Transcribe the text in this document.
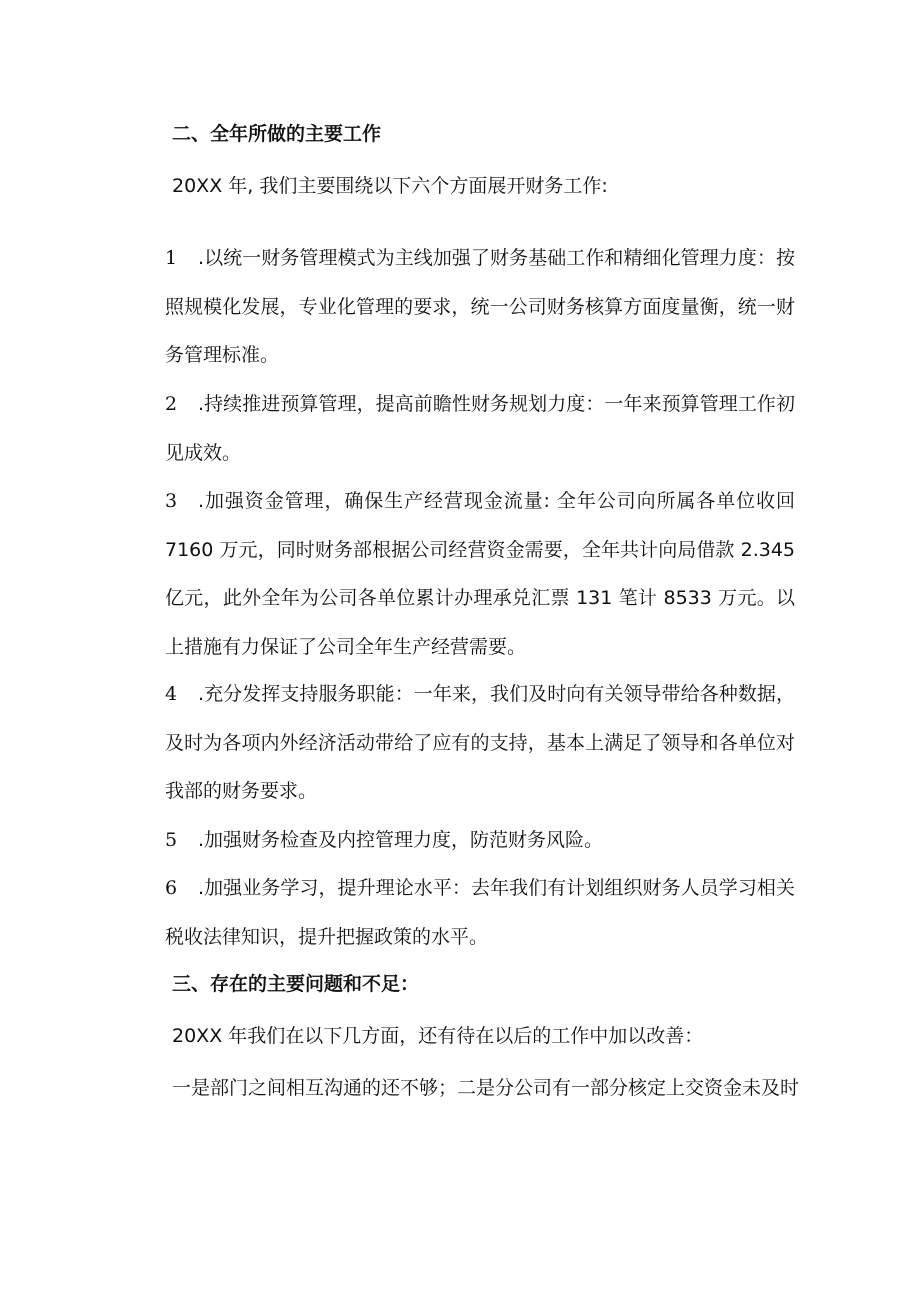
二、全年所做的主要工作
20XX 年, 我们主要围绕以下六个方面展开财务工作:
1 .以统一财务管理模式为主线加强了财务基础工作和精细化管理力度：按照规模化发展，专业化管理的要求，统一公司财务核算方面度量衡，统一财务管理标准。
2 .持续推进预算管理，提高前瞻性财务规划力度：一年来预算管理工作初见成效。
3 .加强资金管理，确保生产经营现金流量: 全年公司向所属各单位收回 7160 万元，同时财务部根据公司经营资金需要，全年共计向局借款 2.345 亿元，此外全年为公司各单位累计办理承兑汇票 131 笔计 8533 万元。以上措施有力保证了公司全年生产经营需要。
4 .充分发挥支持服务职能：一年来，我们及时向有关领导带给各种数据，及时为各项内外经济活动带给了应有的支持，基本上满足了领导和各单位对我部的财务要求。
5 .加强财务检查及内控管理力度，防范财务风险。
6 .加强业务学习，提升理论水平：去年我们有计划组织财务人员学习相关税收法律知识，提升把握政策的水平。
三、存在的主要问题和不足：
20XX 年我们在以下几方面，还有待在以后的工作中加以改善：
一是部门之间相互沟通的还不够；二是分公司有一部分核定上交资金未及时
